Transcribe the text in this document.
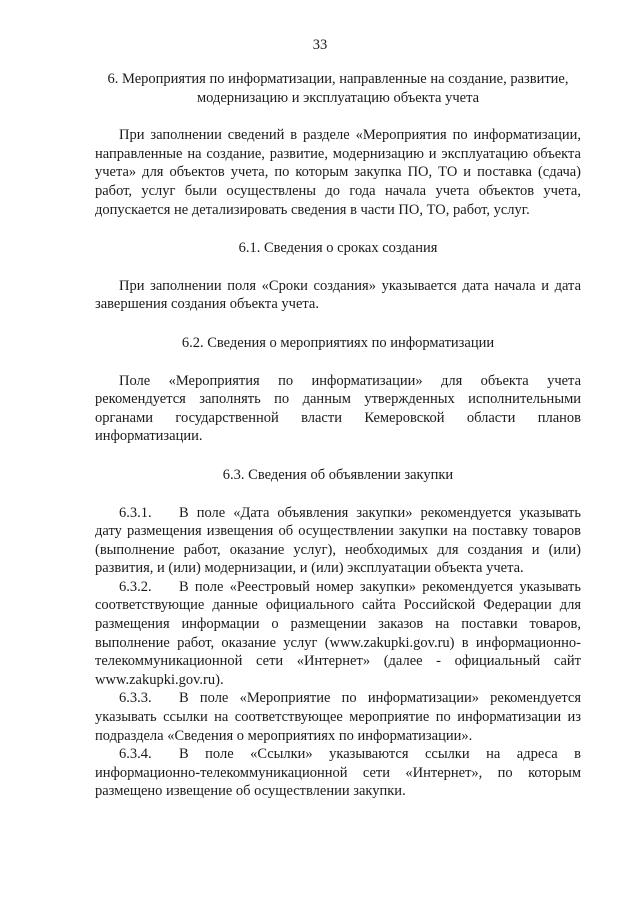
33

6. Мероприятия по информатизации, направленные на создание, развитие,
модернизацию и эксплуатацию объекта учета

При заполнении сведений в разделе «Мероприятия по информатизации, направленные на создание, развитие, модернизацию и эксплуатацию объекта учета» для объектов учета, по которым закупка ПО, ТО и поставка (сдача) работ, услуг были осуществлены до года начала учета объектов учета, допускается не детализировать сведения в части ПО, ТО, работ, услуг.

6.1. Сведения о сроках создания

При заполнении поля «Сроки создания» указывается дата начала и дата завершения создания объекта учета.

6.2. Сведения о мероприятиях по информатизации

Поле «Мероприятия по информатизации» для объекта учета рекомендуется заполнять по данным утвержденных исполнительными органами государственной власти Кемеровской области планов информатизации.

6.3. Сведения об объявлении закупки

6.3.1. В поле «Дата объявления закупки» рекомендуется указывать дату размещения извещения об осуществлении закупки на поставку товаров (выполнение работ, оказание услуг), необходимых для создания и (или) развития, и (или) модернизации, и (или) эксплуатации объекта учета.

6.3.2. В поле «Реестровый номер закупки» рекомендуется указывать соответствующие данные официального сайта Российской Федерации для размещения информации о размещении заказов на поставки товаров, выполнение работ, оказание услуг (www.zakupki.gov.ru) в информационно-телекоммуникационной сети «Интернет» (далее - официальный сайт www.zakupki.gov.ru).

6.3.3. В поле «Мероприятие по информатизации» рекомендуется указывать ссылки на соответствующее мероприятие по информатизации из подраздела «Сведения о мероприятиях по информатизации».

6.3.4. В поле «Ссылки» указываются ссылки на адреса в информационно-телекоммуникационной сети «Интернет», по которым размещено извещение об осуществлении закупки.
